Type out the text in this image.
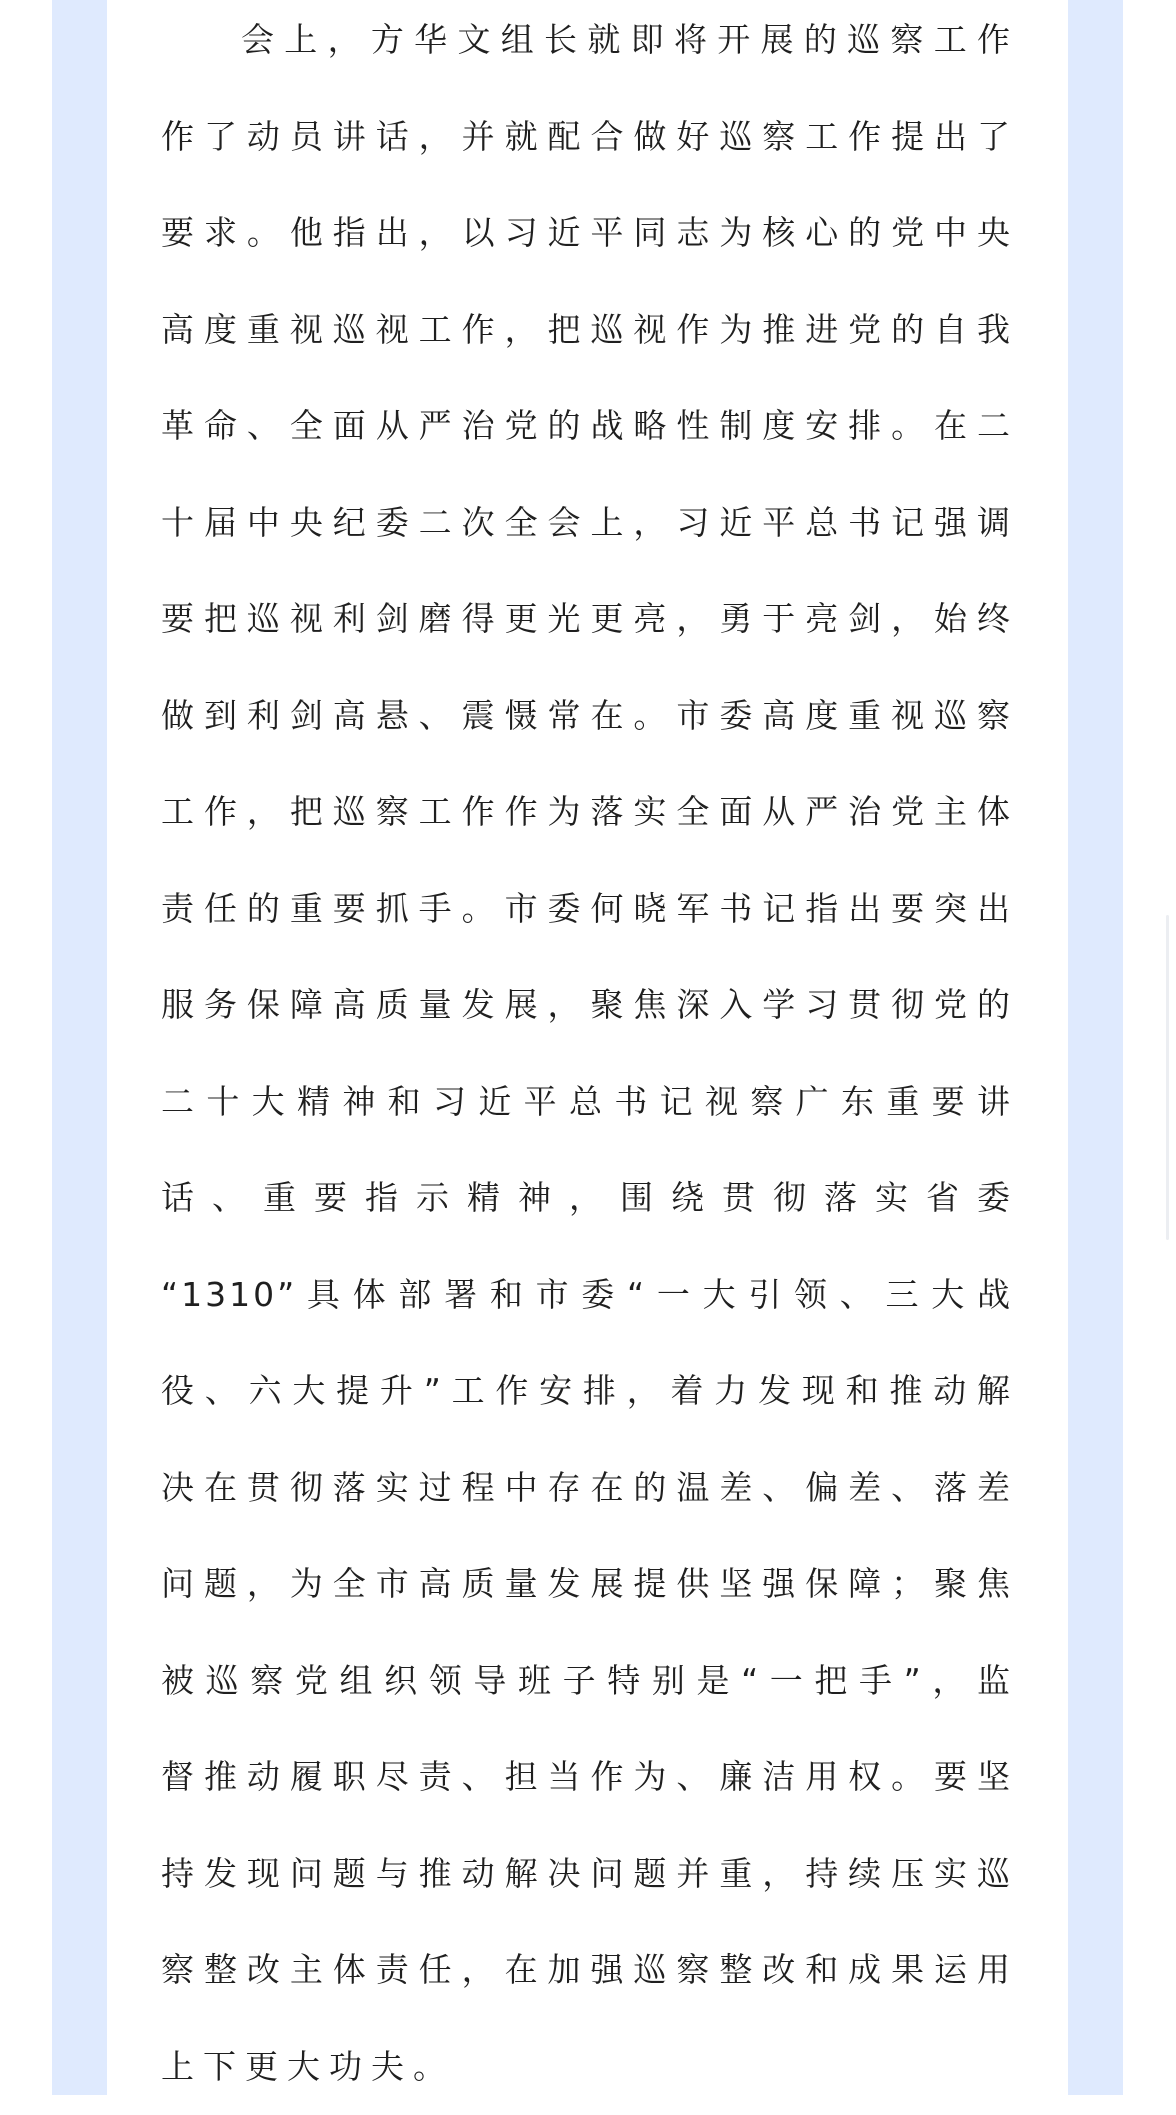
会上，方华文组长就即将开展的巡察工作
作了动员讲话，并就配合做好巡察工作提出了
要求。他指出，以习近平同志为核心的党中央
高度重视巡视工作，把巡视作为推进党的自我
革命、全面从严治党的战略性制度安排。在二
十届中央纪委二次全会上，习近平总书记强调
要把巡视利剑磨得更光更亮，勇于亮剑，始终
做到利剑高悬、震慑常在。市委高度重视巡察
工作，把巡察工作作为落实全面从严治党主体
责任的重要抓手。市委何晓军书记指出要突出
服务保障高质量发展，聚焦深入学习贯彻党的
二十大精神和习近平总书记视察广东重要讲
话、重要指示精神，围绕贯彻落实省委
“1310”具体部署和市委“一大引领、三大战
役、六大提升”工作安排，着力发现和推动解
决在贯彻落实过程中存在的温差、偏差、落差
问题，为全市高质量发展提供坚强保障；聚焦
被巡察党组织领导班子特别是“一把手”，监
督推动履职尽责、担当作为、廉洁用权。要坚
持发现问题与推动解决问题并重，持续压实巡
察整改主体责任，在加强巡察整改和成果运用
上下更大功夫。
